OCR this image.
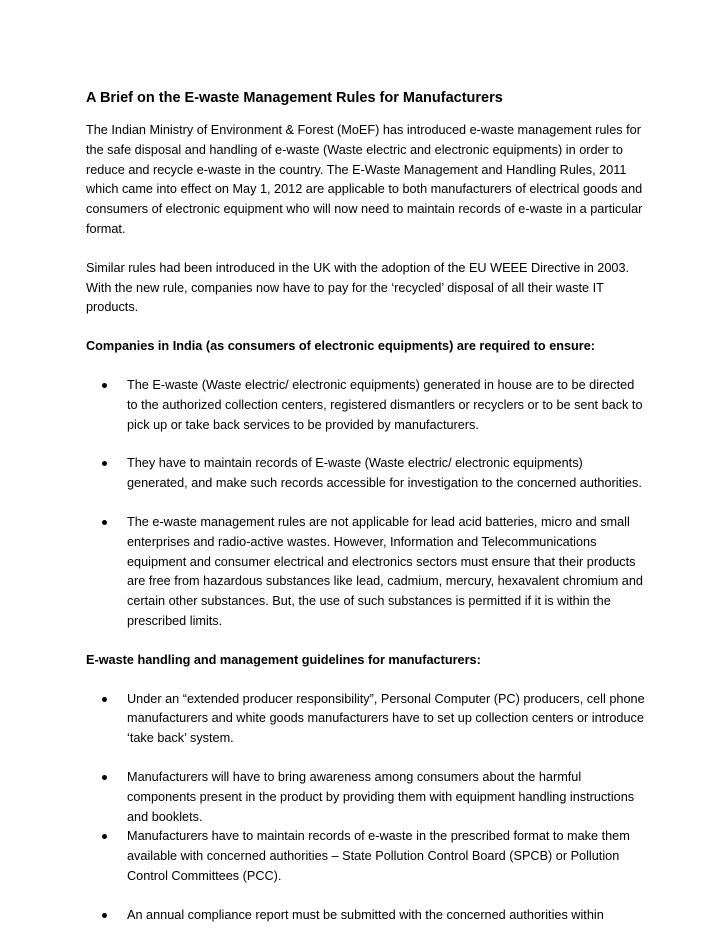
A Brief on the E-waste Management Rules for Manufacturers

The Indian Ministry of Environment & Forest (MoEF) has introduced e-waste management rules for the safe disposal and handling of e-waste (Waste electric and electronic equipments) in order to reduce and recycle e-waste in the country. The E-Waste Management and Handling Rules, 2011 which came into effect on May 1, 2012 are applicable to both manufacturers of electrical goods and consumers of electronic equipment who will now need to maintain records of e-waste in a particular format.

Similar rules had been introduced in the UK with the adoption of the EU WEEE Directive in 2003. With the new rule, companies now have to pay for the ‘recycled’ disposal of all their waste IT products.

Companies in India (as consumers of electronic equipments) are required to ensure:
The E-waste (Waste electric/ electronic equipments) generated in house are to be directed to the authorized collection centers, registered dismantlers or recyclers or to be sent back to pick up or take back services to be provided by manufacturers.
They have to maintain records of E-waste (Waste electric/ electronic equipments) generated, and make such records accessible for investigation to the concerned authorities.
The e-waste management rules are not applicable for lead acid batteries, micro and small enterprises and radio-active wastes. However, Information and Telecommunications equipment and consumer electrical and electronics sectors must ensure that their products are free from hazardous substances like lead, cadmium, mercury, hexavalent chromium and certain other substances. But, the use of such substances is permitted if it is within the prescribed limits.
E-waste handling and management guidelines for manufacturers:
Under an “extended producer responsibility”, Personal Computer (PC) producers, cell phone manufacturers and white goods manufacturers have to set up collection centers or introduce ‘take back’ system.
Manufacturers will have to bring awareness among consumers about the harmful components present in the product by providing them with equipment handling instructions and booklets.
Manufacturers have to maintain records of e-waste in the prescribed format to make them available with concerned authorities – State Pollution Control Board (SPCB) or Pollution Control Committees (PCC).
An annual compliance report must be submitted with the concerned authorities within
